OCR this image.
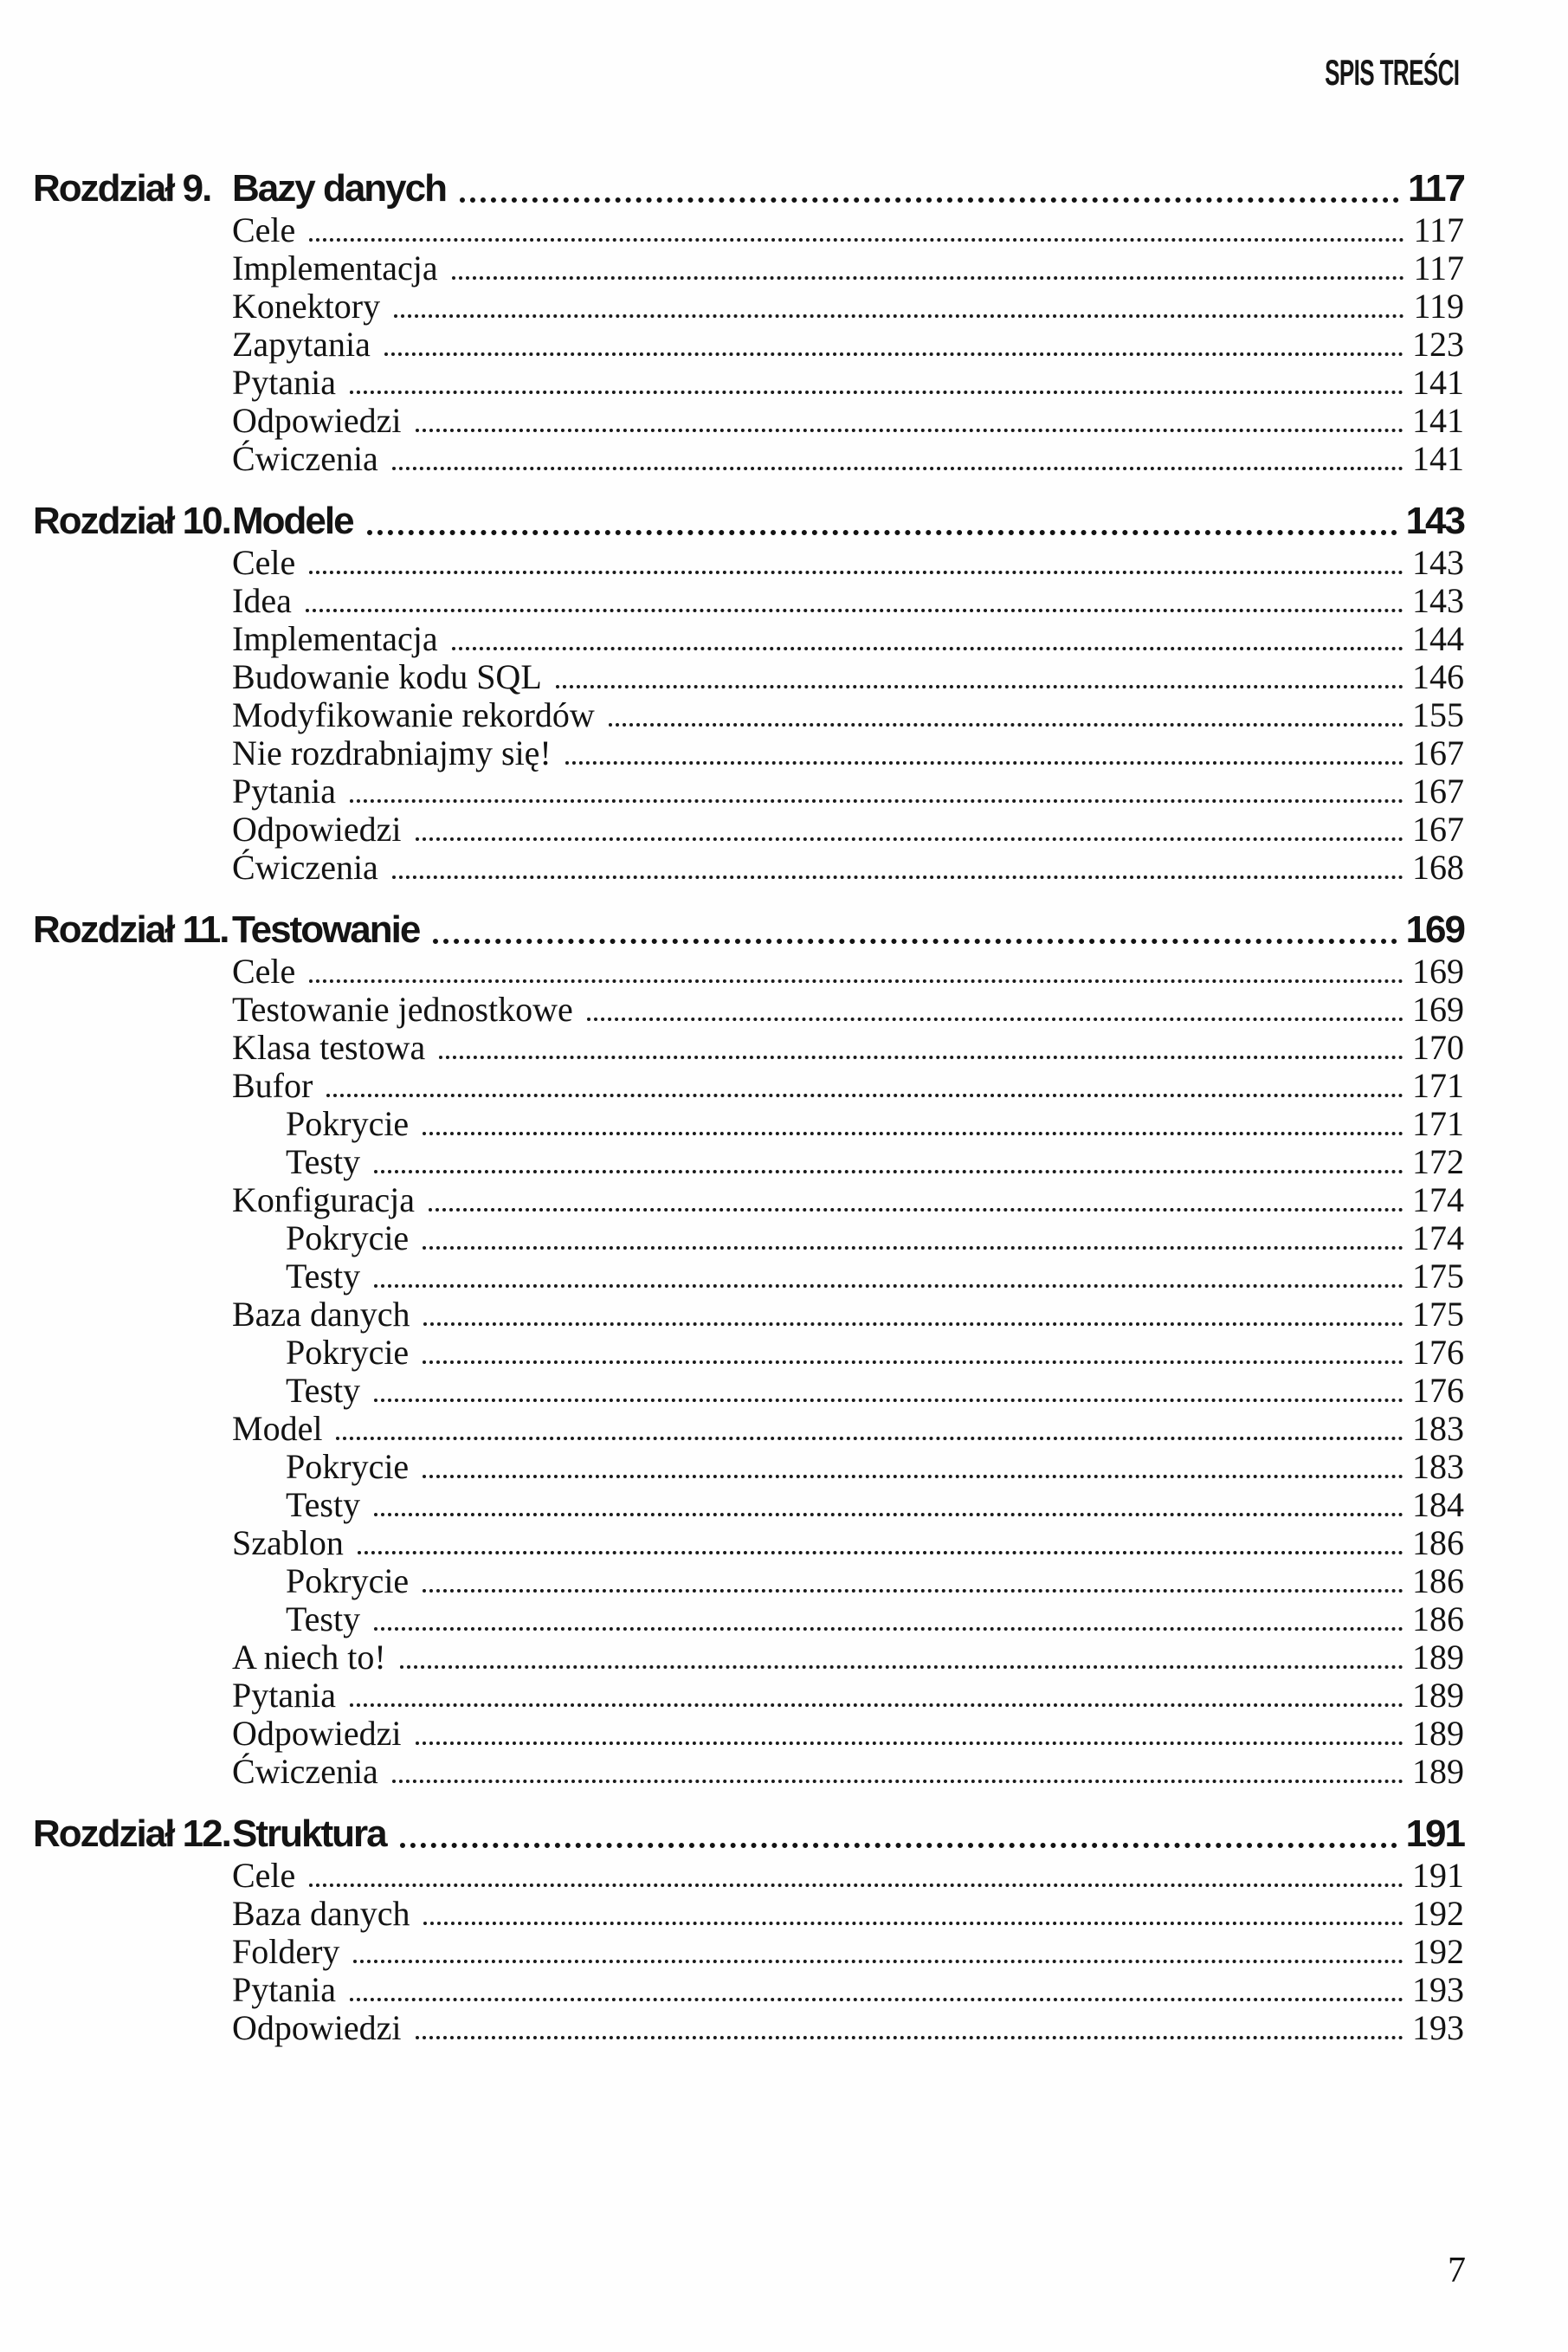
SPIS TREŚCI
Rozdział 9. Bazy danych	117
Cele	117
Implementacja	117
Konektory	119
Zapytania	123
Pytania	141
Odpowiedzi	141
Ćwiczenia	141
Rozdział 10. Modele	143
Cele	143
Idea	143
Implementacja	144
Budowanie kodu SQL	146
Modyfikowanie rekordów	155
Nie rozdrabniajmy się!	167
Pytania	167
Odpowiedzi	167
Ćwiczenia	168
Rozdział 11. Testowanie	169
Cele	169
Testowanie jednostkowe	169
Klasa testowa	170
Bufor	171
Pokrycie	171
Testy	172
Konfiguracja	174
Pokrycie	174
Testy	175
Baza danych	175
Pokrycie	176
Testy	176
Model	183
Pokrycie	183
Testy	184
Szablon	186
Pokrycie	186
Testy	186
A niech to!	189
Pytania	189
Odpowiedzi	189
Ćwiczenia	189
Rozdział 12. Struktura	191
Cele	191
Baza danych	192
Foldery	192
Pytania	193
Odpowiedzi	193
7
